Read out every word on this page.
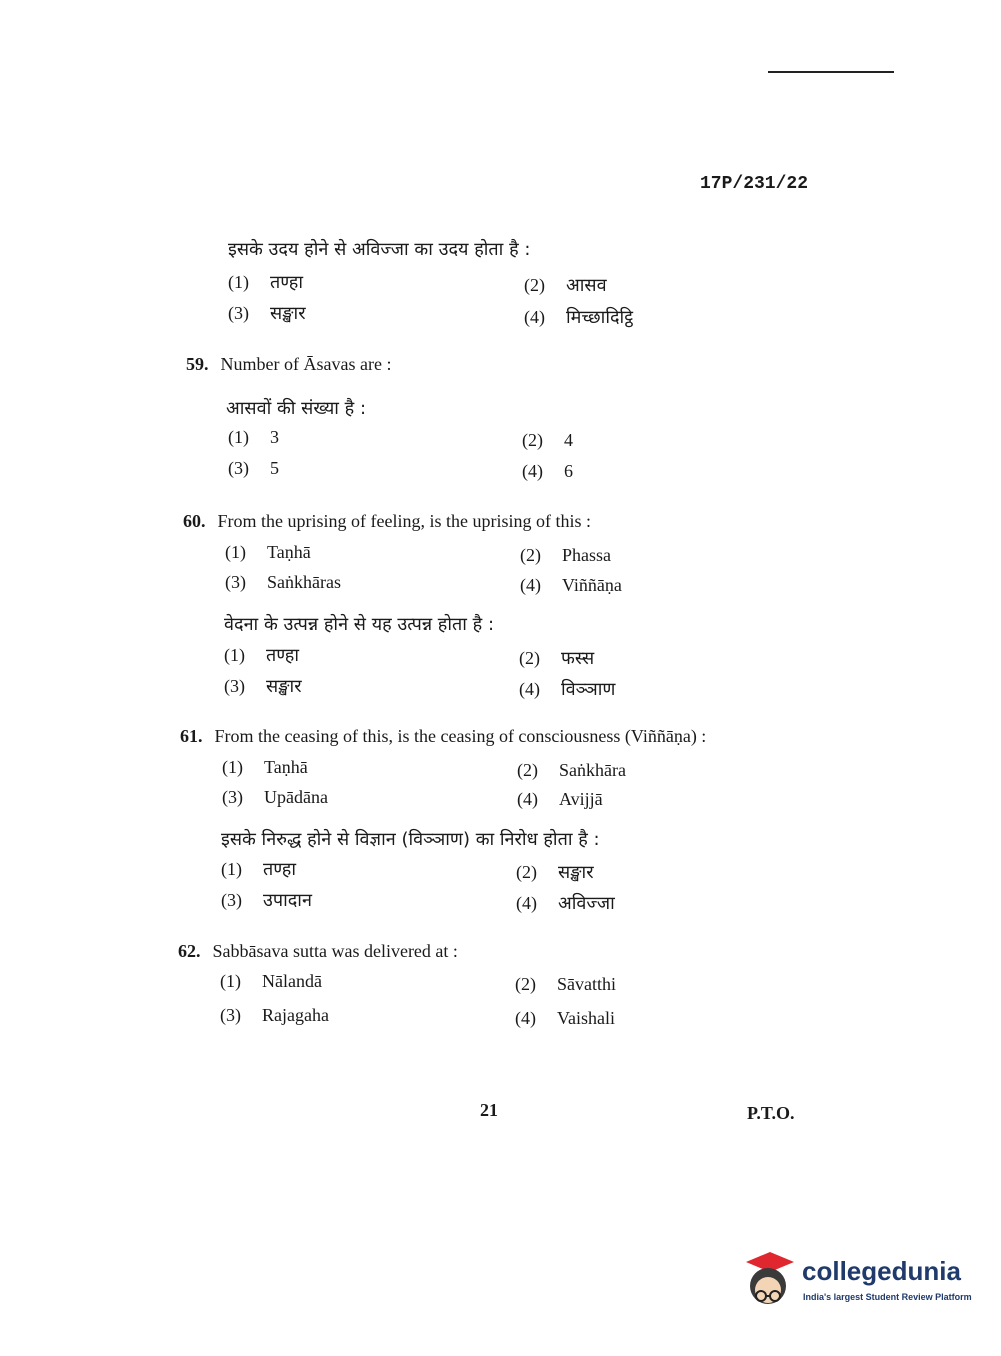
17P/231/22
इसके उदय होने से अविज्जा का उदय होता है :
(1) तण्हा	(2) आसव
(3) सङ्खार	(4) मिच्छादिट्ठि
59. Number of Āsavas are :
आसवों की संख्या है :
(1) 3	(2) 4
(3) 5	(4) 6
60. From the uprising of feeling, is the uprising of this :
(1) Taṇhā	(2) Phassa
(3) Saṅkhāras	(4) Viññāṇa
वेदना के उत्पन्न होने से यह उत्पन्न होता है :
(1) तण्हा	(2) फस्स
(3) सङ्खार	(4) विञ्ञाण
61. From the ceasing of this, is the ceasing of consciousness (Viññāṇa) :
(1) Taṇhā	(2) Saṅkhāra
(3) Upādāna	(4) Avijjā
इसके निरुद्ध होने से विज्ञान (विञ्ञाण) का निरोध होता है :
(1) तण्हा	(2) सङ्खार
(3) उपादान	(4) अविज्जा
62. Sabbāsava sutta was delivered at :
(1) Nālandā	(2) Sāvatthi
(3) Rajagaha	(4) Vaishali
21	P.T.O.
collegedunia
India's largest Student Review Platform
